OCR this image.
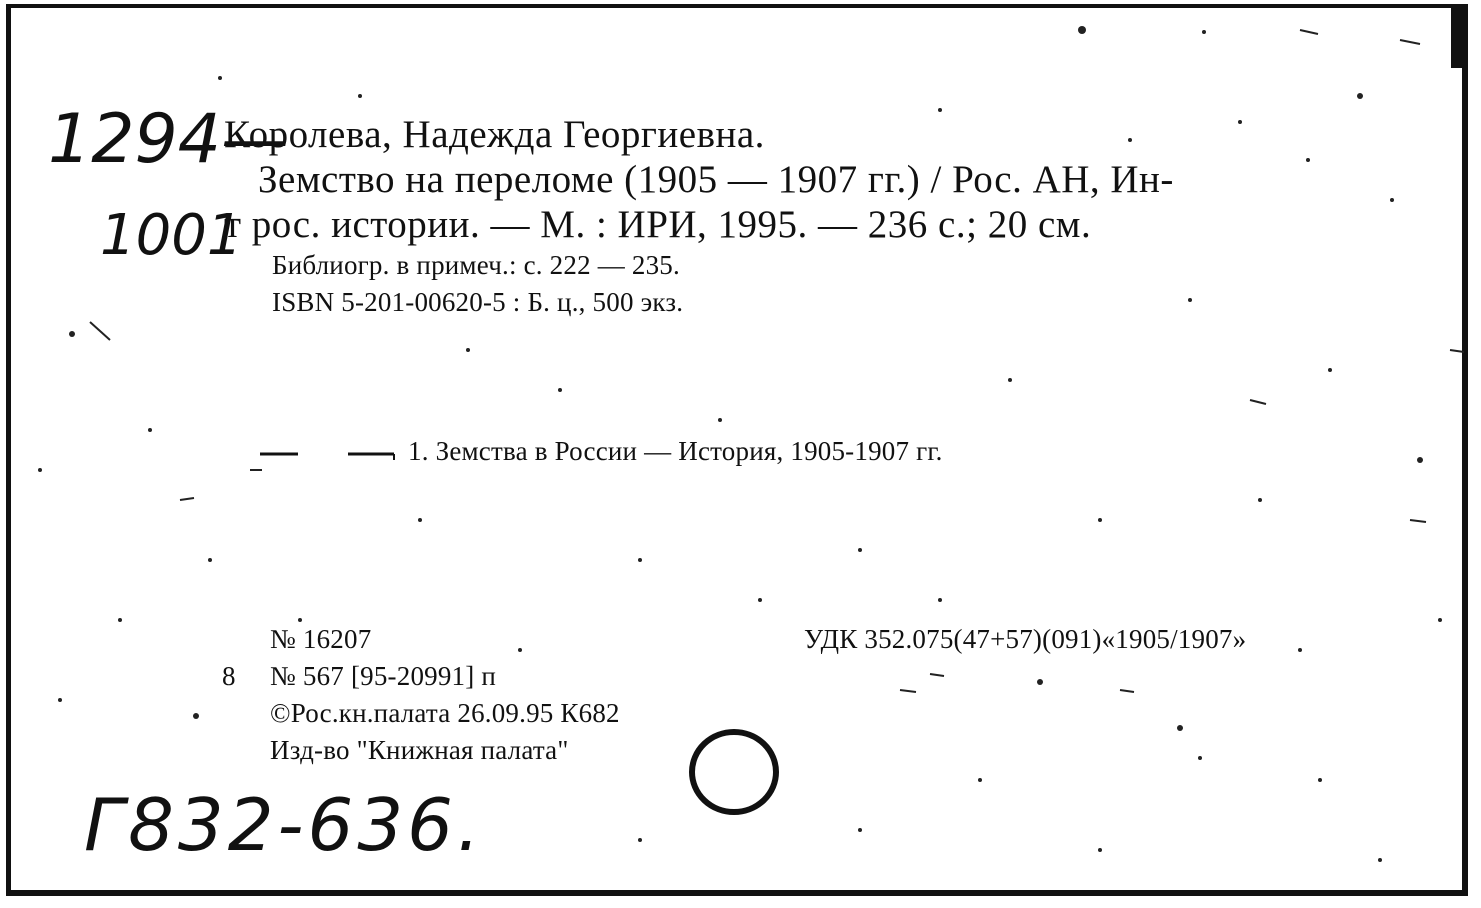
1294—
1001
Королева, Надежда Георгиевна.
Земство на переломе (1905 — 1907 гг.) / Рос. АН, Ин-
т рос. истории. — М. : ИРИ, 1995. — 236 с.; 20 см.
Библиогр. в примеч.: с. 222 — 235.
ISBN 5-201-00620-5 : Б. ц., 500 экз.
1. Земства в России — История, 1905-1907 гг.
№ 16207	УДК 352.075(47+57)(091)«1905/1907»
8 № 567 [95-20991] п
©Рос.кн.палата 26.09.95 К682
Изд-во "Книжная палата"
Г832-636.
